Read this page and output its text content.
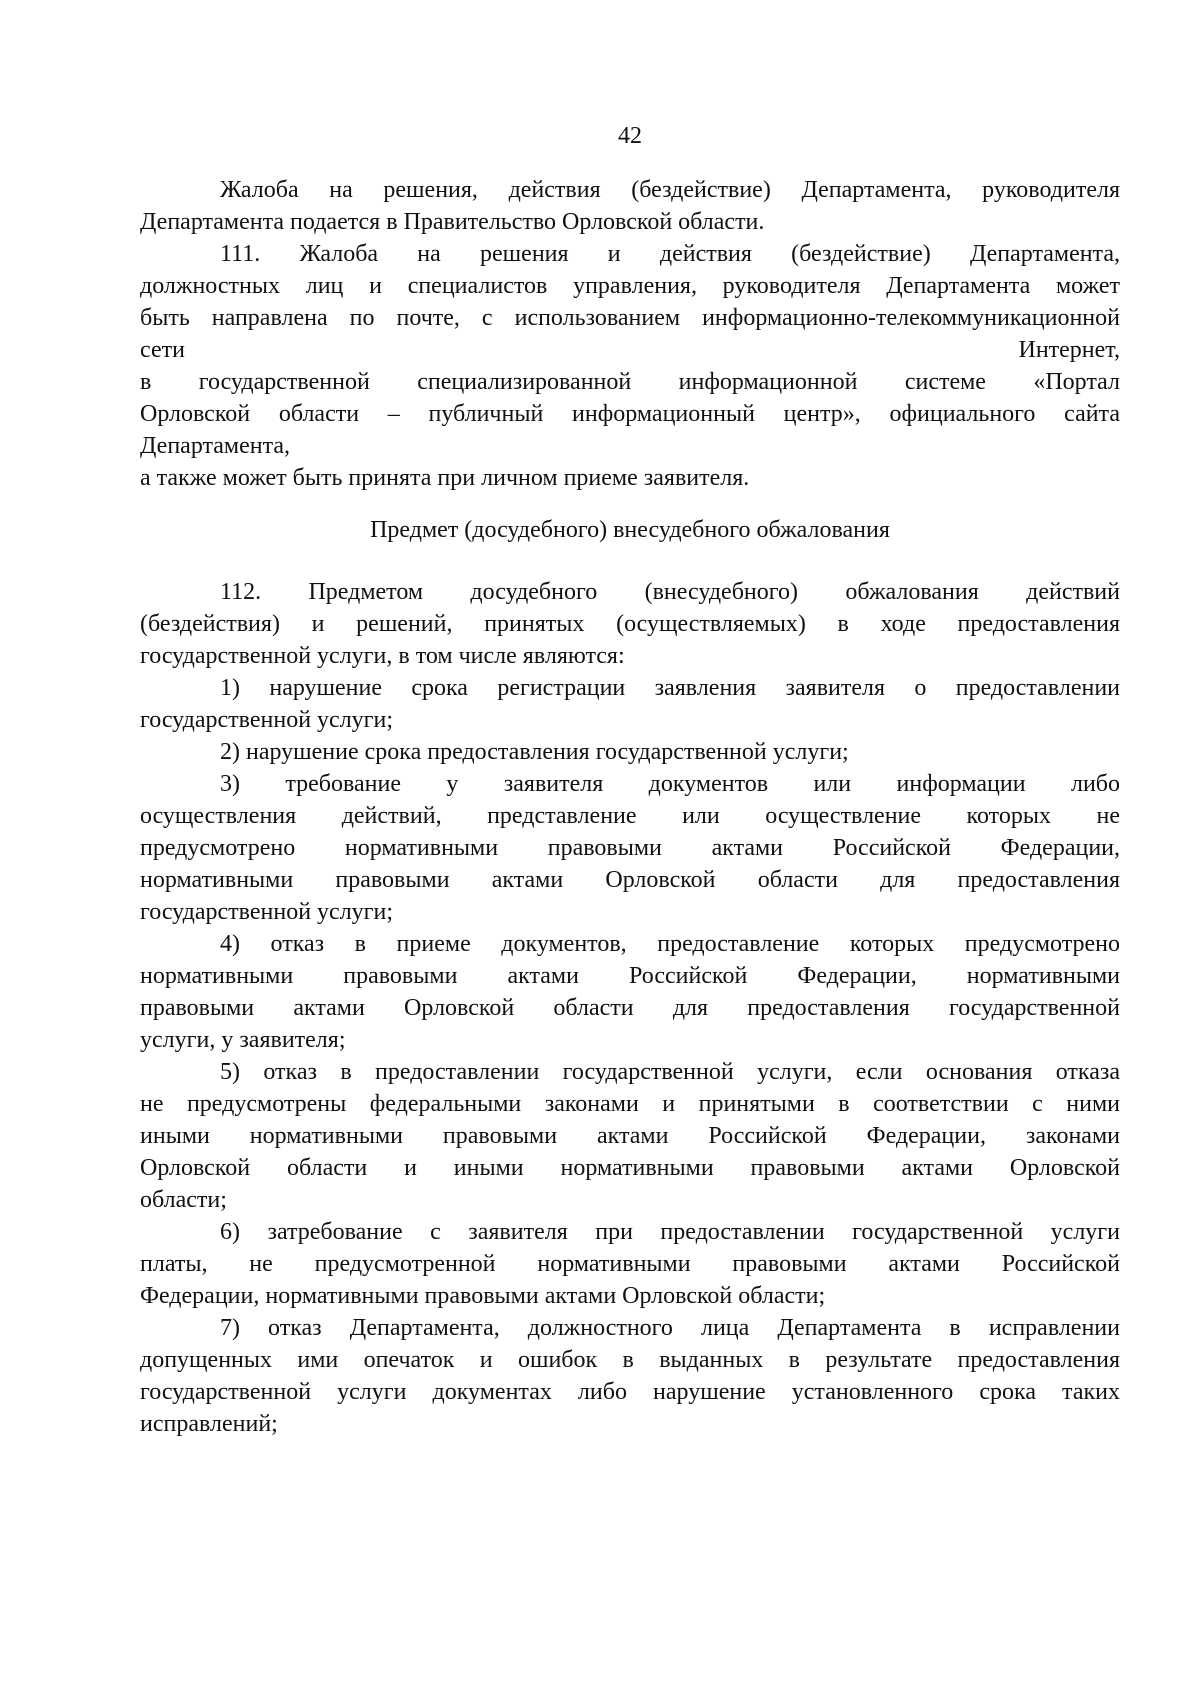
42
Жалоба на решения, действия (бездействие) Департамента, руководителя
Департамента подается в Правительство Орловской области.
111. Жалоба на решения и действия (бездействие) Департамента,
должностных лиц и специалистов управления, руководителя Департамента может
быть направлена по почте, с использованием информационно-телекоммуникационной
сети Интернет,
в государственной специализированной информационной системе «Портал
Орловской области – публичный информационный центр», официального сайта
Департамента,
а также может быть принята при личном приеме заявителя.
Предмет (досудебного) внесудебного обжалования
112. Предметом досудебного (внесудебного) обжалования действий
(бездействия) и решений, принятых (осуществляемых) в ходе предоставления
государственной услуги, в том числе являются:
1) нарушение срока регистрации заявления заявителя о предоставлении
государственной услуги;
2) нарушение срока предоставления государственной услуги;
3) требование у заявителя документов или информации либо
осуществления действий, представление или осуществление которых не
предусмотрено нормативными правовыми актами Российской Федерации,
нормативными правовыми актами Орловской области для предоставления
государственной услуги;
4) отказ в приеме документов, предоставление которых предусмотрено
нормативными правовыми актами Российской Федерации, нормативными
правовыми актами Орловской области для предоставления государственной
услуги, у заявителя;
5) отказ в предоставлении государственной услуги, если основания отказа
не предусмотрены федеральными законами и принятыми в соответствии с ними
иными нормативными правовыми актами Российской Федерации, законами
Орловской области и иными нормативными правовыми актами Орловской
области;
6) затребование с заявителя при предоставлении государственной услуги
платы, не предусмотренной нормативными правовыми актами Российской
Федерации, нормативными правовыми актами Орловской области;
7) отказ Департамента, должностного лица Департамента в исправлении
допущенных ими опечаток и ошибок в выданных в результате предоставления
государственной услуги документах либо нарушение установленного срока таких
исправлений;
